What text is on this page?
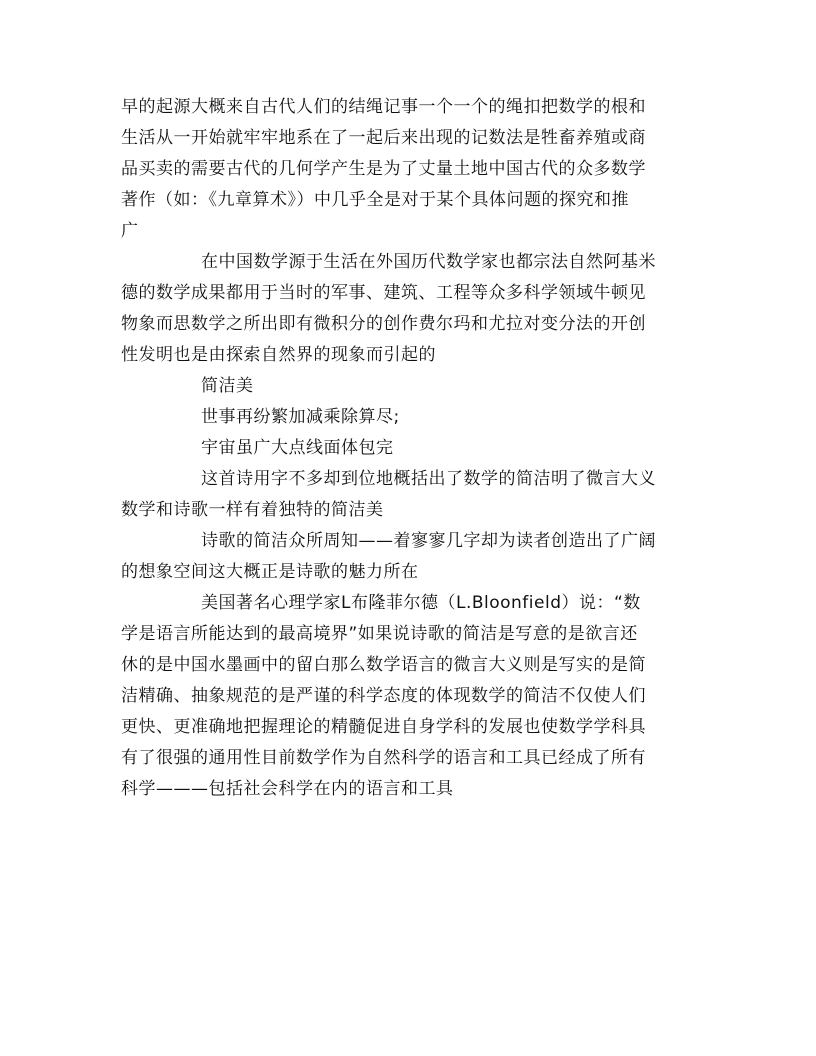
早的起源大概来自古代人们的结绳记事一个一个的绳扣把数学的根和
生活从一开始就牢牢地系在了一起后来出现的记数法是牲畜养殖或商
品买卖的需要古代的几何学产生是为了丈量土地中国古代的众多数学
著作（如：《九章算术》）中几乎全是对于某个具体问题的探究和推
广
在中国数学源于生活在外国历代数学家也都宗法自然阿基米
德的数学成果都用于当时的军事、建筑、工程等众多科学领域牛顿见
物象而思数学之所出即有微积分的创作费尔玛和尤拉对变分法的开创
性发明也是由探索自然界的现象而引起的
简洁美
世事再纷繁加减乘除算尽;
宇宙虽广大点线面体包完
这首诗用字不多却到位地概括出了数学的简洁明了微言大义
数学和诗歌一样有着独特的简洁美
诗歌的简洁众所周知——着寥寥几字却为读者创造出了广阔
的想象空间这大概正是诗歌的魅力所在
美国著名心理学家L布隆菲尔德（L.Bloonfield）说：“数
学是语言所能达到的最高境界”如果说诗歌的简洁是写意的是欲言还
休的是中国水墨画中的留白那么数学语言的微言大义则是写实的是简
洁精确、抽象规范的是严谨的科学态度的体现数学的简洁不仅使人们
更快、更准确地把握理论的精髓促进自身学科的发展也使数学学科具
有了很强的通用性目前数学作为自然科学的语言和工具已经成了所有
科学———包括社会科学在内的语言和工具
